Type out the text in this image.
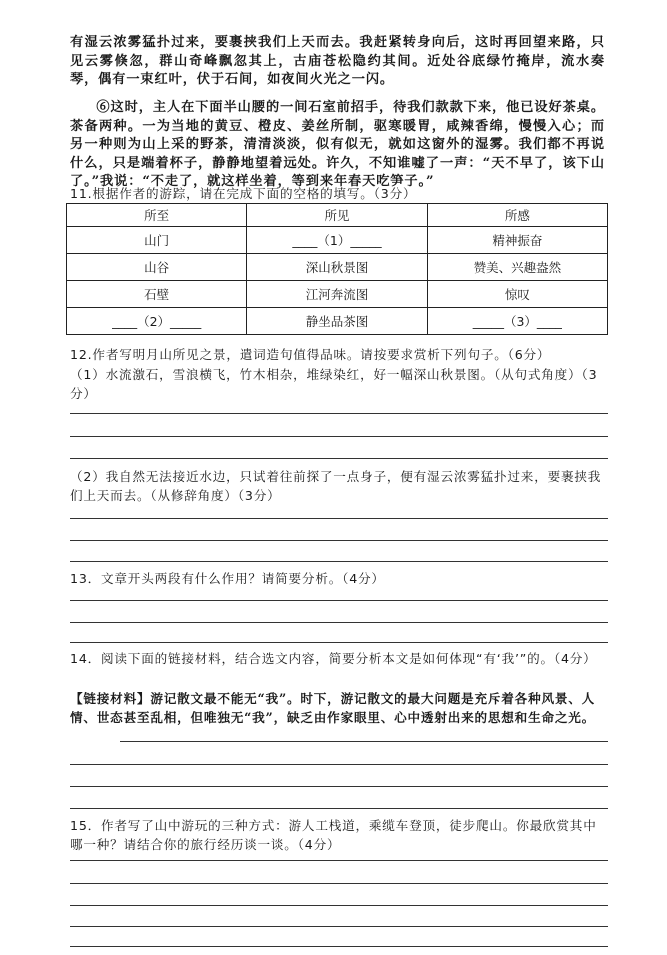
有湿云浓雾猛扑过来，要裹挟我们上天而去。我赶紧转身向后，这时再回望来路，只见云雾倏忽，群山奇峰飘忽其上，古庙苍松隐约其间。近处谷底绿竹掩岸，流水奏琴，偶有一束红叶，伏于石间，如夜间火光之一闪。

⑥这时，主人在下面半山腰的一间石室前招手，待我们款款下来，他已设好茶桌。茶备两种。一为当地的黄豆、橙皮、姜丝所制，驱寒暖胃，咸辣香绵，慢慢入心；而另一种则为山上采的野茶，清清淡淡，似有似无，就如这窗外的湿雾。我们都不再说什么，只是端着杯子，静静地望着远处。许久，不知谁嘘了一声：“天不早了，该下山了。”我说：“不走了，就这样坐着，等到来年春天吃笋子。”

11.根据作者的游踪，请在完成下面的空格的填写。（3分）

所至	所见	所感
山门	____（1）_____	精神振奋
山谷	深山秋景图	赞美、兴趣盎然
石壁	江河奔流图	惊叹
____（2）_____	静坐品茶图	_____（3）____

12.作者写明月山所见之景，遣词造句值得品味。请按要求赏析下列句子。（6分）

（1）水流激石，雪浪横飞，竹木相杂，堆绿染红，好一幅深山秋景图。（从句式角度）（3分）

（2）我自然无法接近水边，只试着往前探了一点身子，便有湿云浓雾猛扑过来，要裹挟我们上天而去。（从修辞角度）（3分）

13．文章开头两段有什么作用？请简要分析。（4分）

14．阅读下面的链接材料，结合选文内容，简要分析本文是如何体现“有‘我’”的。（4分）

【链接材料】游记散文最不能无“我”。时下，游记散文的最大问题是充斥着各种风景、人情、世态甚至乱相，但唯独无“我”，缺乏由作家眼里、心中透射出来的思想和生命之光。

15．作者写了山中游玩的三种方式：游人工栈道，乘缆车登顶，徒步爬山。你最欣赏其中哪一种？请结合你的旅行经历谈一谈。（4分）
